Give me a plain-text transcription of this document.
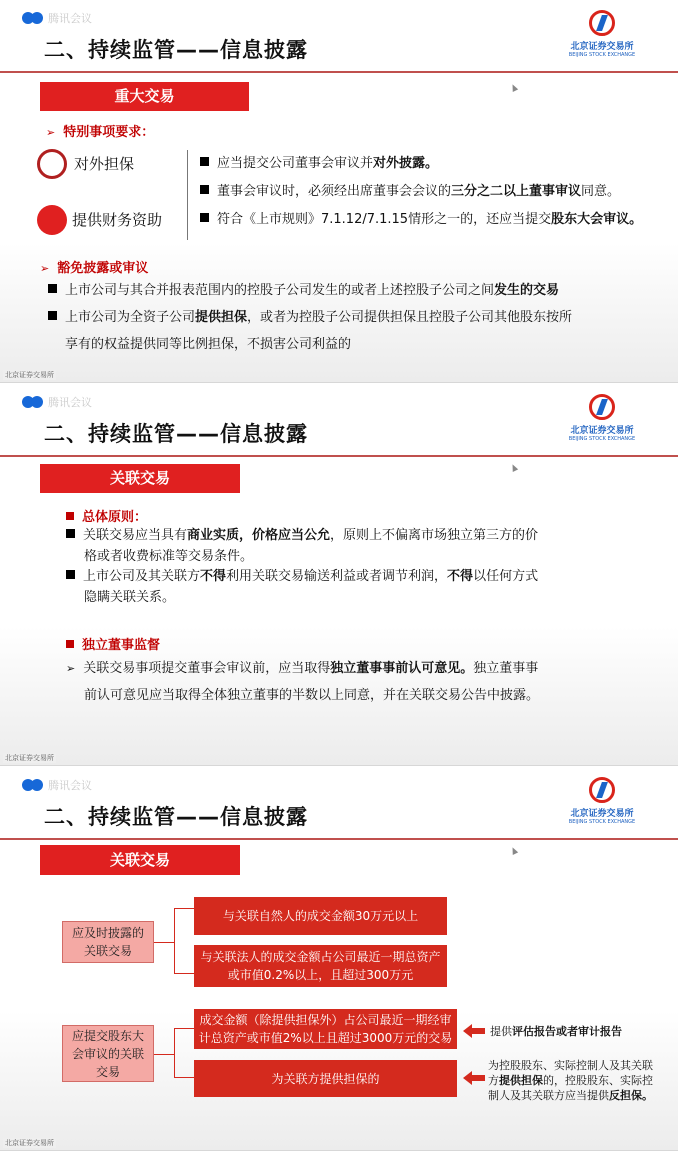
腾讯会议
二、持续监管——信息披露	北京证券交易所
BEIJING STOCK EXCHANGE
重大交易
➢ 特别事项要求：
对外担保
提供财务资助
应当提交公司董事会审议并对外披露。
董事会审议时，必须经出席董事会会议的三分之二以上董事审议同意。
符合《上市规则》7.1.12/7.1.15情形之一的，还应当提交股东大会审议。
➢ 豁免披露或审议
上市公司与其合并报表范围内的控股子公司发生的或者上述控股子公司之间发生的交易
上市公司为全资子公司提供担保，或者为控股子公司提供担保且控股子公司其他股东按所
享有的权益提供同等比例担保，不损害公司利益的
北京证券交易所
腾讯会议
二、持续监管——信息披露	北京证券交易所
BEIJING STOCK EXCHANGE
关联交易
总体原则：
关联交易应当具有商业实质，价格应当公允，原则上不偏离市场独立第三方的价
格或者收费标准等交易条件。
上市公司及其关联方不得利用关联交易输送利益或者调节利润，不得以任何方式
隐瞒关联关系。
独立董事监督
➢ 关联交易事项提交董事会审议前，应当取得独立董事事前认可意见。独立董事事
前认可意见应当取得全体独立董事的半数以上同意，并在关联交易公告中披露。
北京证券交易所
腾讯会议
二、持续监管——信息披露	北京证券交易所
BEIJING STOCK EXCHANGE
关联交易
应及时披露的关联交易
与关联自然人的成交金额30万元以上
与关联法人的成交金额占公司最近一期总资产或市值0.2%以上，且超过300万元
应提交股东大会审议的关联交易
成交金额（除提供担保外）占公司最近一期经审计总资产或市值2%以上且超过3000万元的交易
为关联方提供担保的
提供评估报告或者审计报告
为控股股东、实际控制人及其关联方提供担保的，控股股东、实际控制人及其关联方应当提供反担保。
北京证券交易所
